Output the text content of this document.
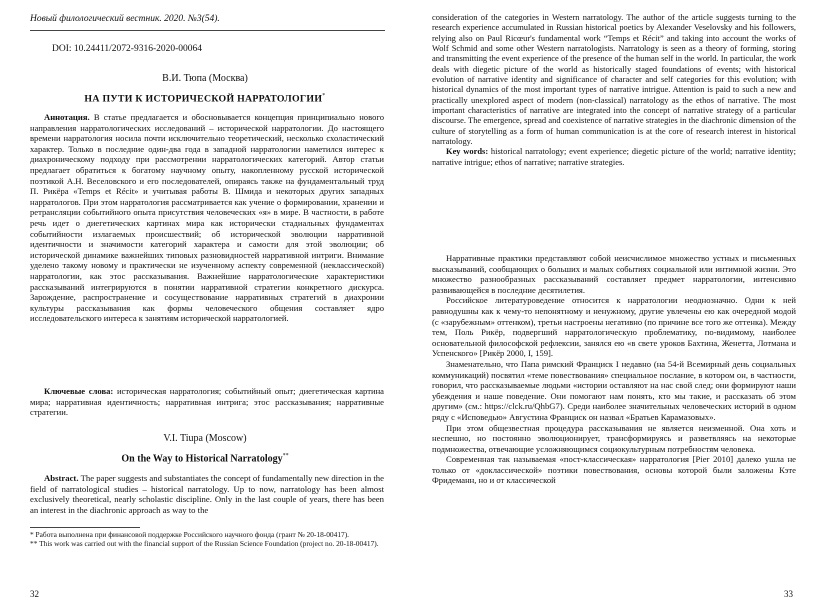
Новый филологический вестник. 2020. №3(54).
DOI: 10.24411/2072-9316-2020-00064
В.И. Тюпа (Москва)
НА ПУТИ К ИСТОРИЧЕСКОЙ НАРРАТОЛОГИИ*
Аннотация. В статье предлагается и обосновывается концепция принципиально нового направления нарратологических исследований – исторической нарратологии. До настоящего времени нарратология носила почти исключительно теоретический, несколько схоластический характер. Только в последние один-два года в западной нарратологии наметился интерес к диахроническому подходу при рассмотрении нарратологических категорий. Автор статьи предлагает обратиться к богатому научному опыту, накопленному русской исторической поэтикой А.Н. Веселовского и его последователей, опираясь также на фундаментальный труд П. Рикёра «Temps et Récit» и учитывая работы В. Шмида и некоторых других западных нарратологов. При этом нарратология рассматривается как учение о формировании, хранении и ретрансляции событийного опыта присутствия человеческих «я» в мире. В частности, в работе речь идет о диегетических картинах мира как исторически стадиальных фундаментах событийности излагаемых происшествий; об исторической эволюции нарративной идентичности и значимости категорий характера и самости для этой эволюции; об исторической динамике важнейших типовых разновидностей нарративной интриги. Внимание уделено такому новому и практически не изученному аспекту современной (неклассической) нарратологии, как этос рассказывания. Важнейшие нарратологические характеристики рассказываний интегрируются в понятии нарративной стратегии конкретного дискурса. Зарождение, распространение и сосуществование нарративных стратегий в диахронии культуры рассказывания как формы человеческого общения составляет ядро исследовательского интереса к занятиям исторической нарратологией.
Ключевые слова: историческая нарратология; событийный опыт; диегетическая картина мира; нарративная идентичность; нарративная интрига; этос рассказывания; нарративные стратегии.
V.I. Tiupa (Moscow)
On the Way to Historical Narratology**
Abstract. The paper suggests and substantiates the concept of fundamentally new direction in the field of narratological studies – historical narratology. Up to now, narratology has been almost exclusively theoretical, nearly scholastic discipline. Only in the last couple of years, there has been an interest in the diachronic approach as way to the
* Работа выполнена при финансовой поддержке Российского научного фонда (грант № 20-18-00417).
** This work was carried out with the financial support of the Russian Science Foundation (project no. 20-18-00417).
32
consideration of the categories in Western narratology. The author of the article suggests turning to the research experience accumulated in Russian historical poetics by Alexander Veselovsky and his followers, relying also on Paul Ricœur's fundamental work “Temps et Récit” and taking into account the works of Wolf Schmid and some other Western narratologists. Narratology is seen as a theory of forming, storing and transmitting the event experience of the presence of the human self in the world. In particular, the work deals with diegetic picture of the world as historically staged foundations of events; with historical evolution of narrative identity and significance of character and self categories for this evolution; with historical dynamics of the most important types of narrative intrigue. Attention is paid to such a new and practically unexplored aspect of modern (non-classical) narratology as the ethos of narrative. The most important characteristics of narrative are integrated into the concept of narrative strategy of a particular discourse. The emergence, spread and coexistence of narrative strategies in the diachronic dimension of the culture of storytelling as a form of human communication is at the core of research interest in historical narratology.
Key words: historical narratology; event experience; diegetic picture of the world; narrative identity; narrative intrigue; ethos of narrative; narrative strategies.

Нарративные практики представляют собой неисчислимое множество устных и письменных высказываний, сообщающих о больших и малых событиях социальной или интимной жизни. Это множество разнообразных рассказываний составляет предмет нарратологии, интенсивно развивающейся в последние десятилетия.

Российское литературоведение относится к нарратологии неоднозначно. Одни к ней равнодушны как к чему-то непонятному и ненужному, другие увлечены ею как очередной модой (с «зарубежным» оттенком), третьи настроены негативно (по причине все того же оттенка). Между тем, Поль Рикёр, подвергший нарратологическую проблематику, по-видимому, наиболее основательной философской рефлексии, занялся ею «в свете уроков Бахтина, Женетта, Лотмана и Успенского» [Рикёр 2000, I, 159].

Знаменательно, что Папа римский Франциск I недавно (на 54-й Всемирный день социальных коммуникаций) посвятил «теме повествования» специальное послание, в котором он, в частности, говорил, что рассказываемые людьми «истории оставляют на нас свой след; они формируют наши убеждения и наше поведение. Они помогают нам понять, кто мы такие, и рассказать об этом другим» (см.: https://clck.ru/QhbG7). Среди наиболее значительных человеческих историй в одном ряду с «Исповедью» Августина Франциск он назвал «Братьев Карамазовых».

При этом общезвестная процедура рассказывания не является неизменной. Она хоть и неспешно, но постоянно эволюционирует, трансформируясь и разветвляясь на некоторые подмножества, отвечающие усложняющимся социокультурным потребностям человека.

Современная так называемая «пост-классическая» нарратология [Pier 2010] далеко ушла не только от «доклассической» поэтики повествования, основы которой были заложены Кэте Фридеманн, но и от классической

33
